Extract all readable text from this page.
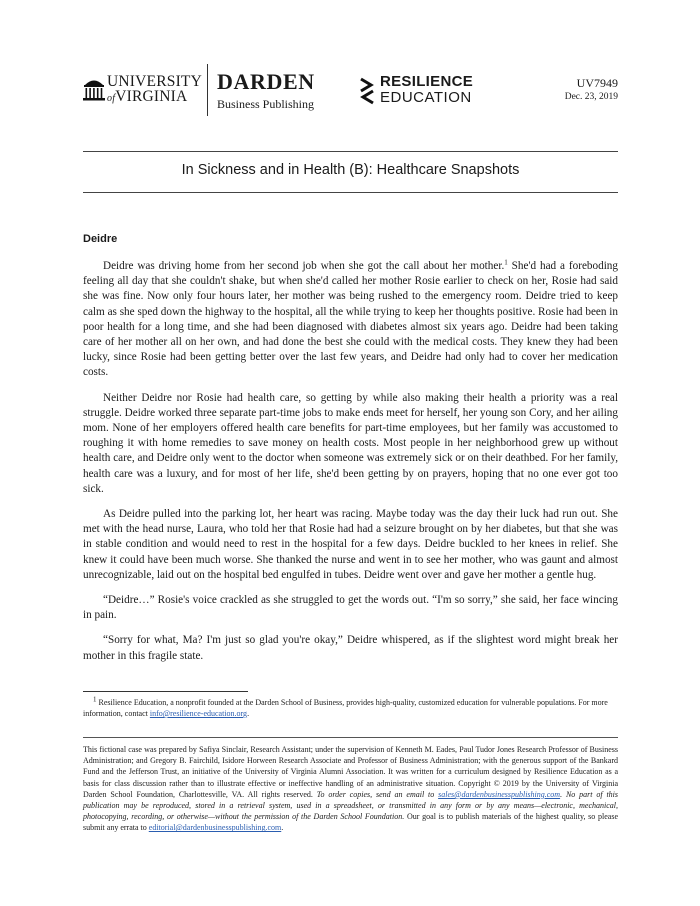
UNIVERSITY
ofVIRGINIA
DARDEN
Business Publishing
RESILIENCE
EDUCATION
UV7949
Dec. 23, 2019
In Sickness and in Health (B): Healthcare Snapshots
Deidre

Deidre was driving home from her second job when she got the call about her mother.$^1$ She'd had a foreboding feeling all day that she couldn't shake, but when she'd called her mother Rosie earlier to check on her, Rosie had said she was fine. Now only four hours later, her mother was being rushed to the emergency room. Deidre tried to keep calm as she sped down the highway to the hospital, all the while trying to keep her thoughts positive. Rosie had been in poor health for a long time, and she had been diagnosed with diabetes almost six years ago. Deidre had been taking care of her mother all on her own, and had done the best she could with the medical costs. They knew they had been lucky, since Rosie had been getting better over the last few years, and Deidre had only had to cover her medication costs.

Neither Deidre nor Rosie had health care, so getting by while also making their health a priority was a real struggle. Deidre worked three separate part-time jobs to make ends meet for herself, her young son Cory, and her ailing mom. None of her employers offered health care benefits for part-time employees, but her family was accustomed to roughing it with home remedies to save money on health costs. Most people in her neighborhood grew up without health care, and Deidre only went to the doctor when someone was extremely sick or on their deathbed. For her family, health care was a luxury, and for most of her life, she'd been getting by on prayers, hoping that no one ever got too sick.

As Deidre pulled into the parking lot, her heart was racing. Maybe today was the day their luck had run out. She met with the head nurse, Laura, who told her that Rosie had had a seizure brought on by her diabetes, but that she was in stable condition and would need to rest in the hospital for a few days. Deidre buckled to her knees in relief. She knew it could have been much worse. She thanked the nurse and went in to see her mother, who was gaunt and almost unrecognizable, laid out on the hospital bed engulfed in tubes. Deidre went over and gave her mother a gentle hug.

“Deidre…” Rosie's voice crackled as she struggled to get the words out. “I'm so sorry,” she said, her face wincing in pain.

“Sorry for what, Ma? I'm just so glad you're okay,” Deidre whispered, as if the slightest word might break her mother in this fragile state.

$^1$ Resilience Education, a nonprofit founded at the Darden School of Business, provides high-quality, customized education for vulnerable populations. For more information, contact info@resilience-education.org.
This fictional case was prepared by Safiya Sinclair, Research Assistant; under the supervision of Kenneth M. Eades, Paul Tudor Jones Research Professor of Business Administration; and Gregory B. Fairchild, Isidore Horween Research Associate and Professor of Business Administration; with the generous support of the Bankard Fund and the Jefferson Trust, an initiative of the University of Virginia Alumni Association. It was written for a curriculum designed by Resilience Education as a basis for class discussion rather than to illustrate effective or ineffective handling of an administrative situation. Copyright © 2019 by the University of Virginia Darden School Foundation, Charlottesville, VA. All rights reserved. To order copies, send an email to sales@dardenbusinesspublishing.com. No part of this publication may be reproduced, stored in a retrieval system, used in a spreadsheet, or transmitted in any form or by any means—electronic, mechanical, photocopying, recording, or otherwise—without the permission of the Darden School Foundation. Our goal is to publish materials of the highest quality, so please submit any errata to editorial@dardenbusinesspublishing.com.
